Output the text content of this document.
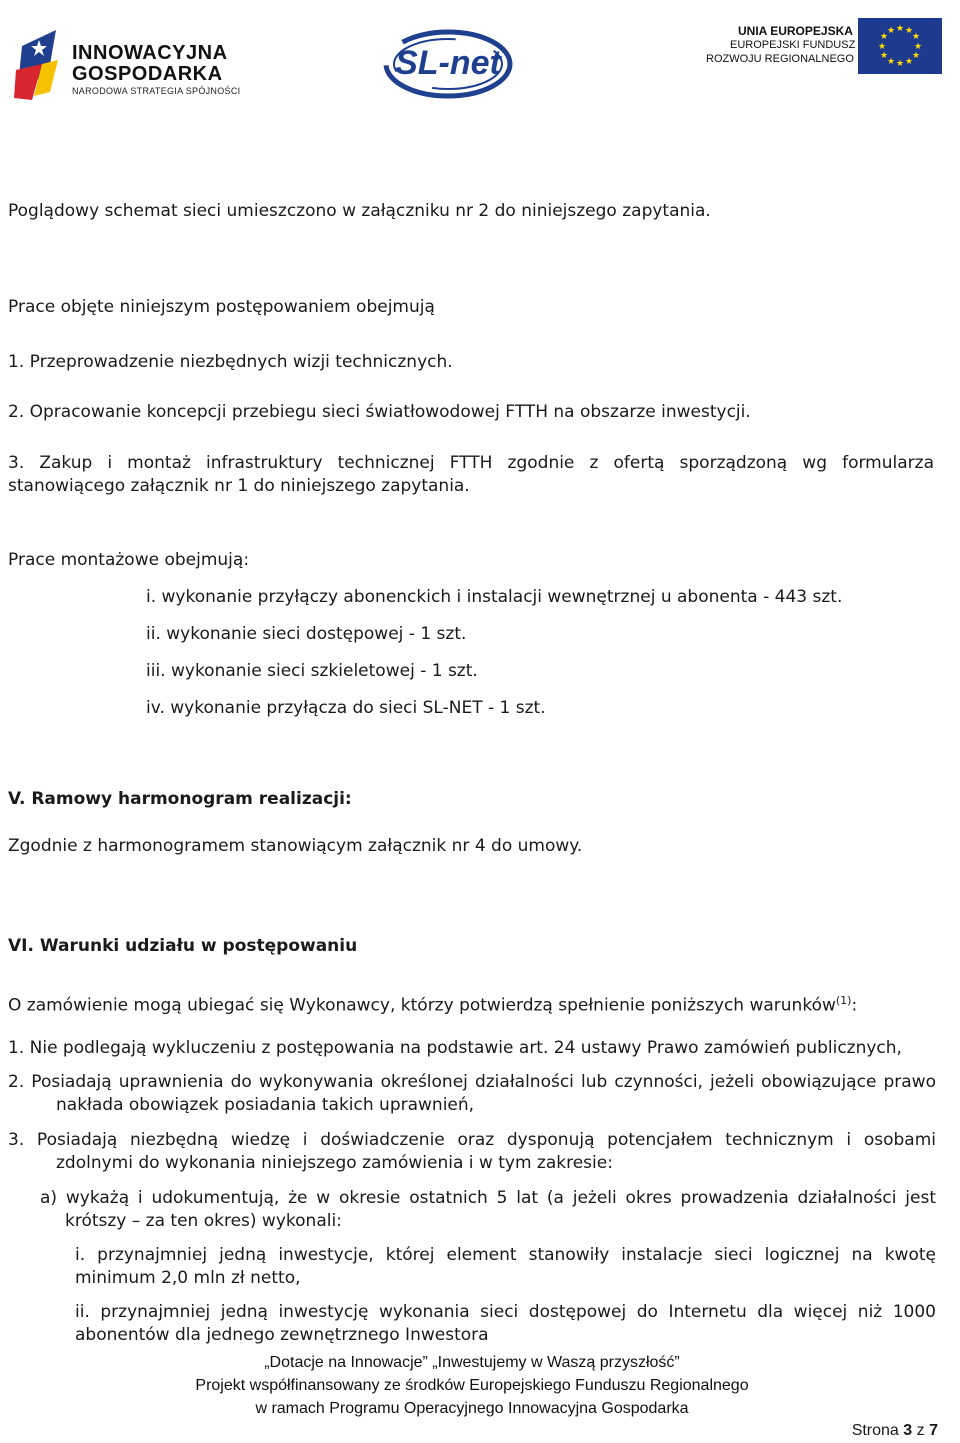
INNOWACYJNA
GOSPODARKA
NARODOWA STRATEGIA SPÓJNOŚCI
SL-net
UNIA EUROPEJSKA
EUROPEJSKI FUNDUSZ
ROZWOJU REGIONALNEGO
★ ★
★
★
★
★
★
★
★
★
★
★
Poglądowy schemat sieci umieszczono w załączniku nr 2 do niniejszego zapytania.
Prace objęte niniejszym postępowaniem obejmują
1. Przeprowadzenie niezbędnych wizji technicznych.
2. Opracowanie koncepcji przebiegu sieci światłowodowej FTTH na obszarze inwestycji.
3. Zakup i montaż infrastruktury technicznej FTTH zgodnie z ofertą sporządzoną wg formularza stanowiącego załącznik nr 1 do niniejszego zapytania.
Prace montażowe obejmują:
i. wykonanie przyłączy abonenckich i instalacji wewnętrznej u abonenta - 443 szt.
ii. wykonanie sieci dostępowej - 1 szt.
iii. wykonanie sieci szkieletowej - 1 szt.
iv. wykonanie przyłącza do sieci SL-NET - 1 szt.
V. Ramowy harmonogram realizacji:
Zgodnie z harmonogramem stanowiącym załącznik nr 4 do umowy.
VI. Warunki udziału w postępowaniu
O zamówienie mogą ubiegać się Wykonawcy, którzy potwierdzą spełnienie poniższych warunków$^{(1)}$:
1. Nie podlegają wykluczeniu z postępowania na podstawie art. 24 ustawy Prawo zamówień publicznych,
2. Posiadają uprawnienia do wykonywania określonej działalności lub czynności, jeżeli obowiązujące prawo nakłada obowiązek posiadania takich uprawnień,
3. Posiadają niezbędną wiedzę i doświadczenie oraz dysponują potencjałem technicznym i osobami zdolnymi do wykonania niniejszego zamówienia i w tym zakresie:
a) wykażą i udokumentują, że w okresie ostatnich 5 lat (a jeżeli okres prowadzenia działalności jest krótszy – za ten okres) wykonali:
i. przynajmniej jedną inwestycje, której element stanowiły instalacje sieci logicznej na kwotę minimum 2,0 mln zł netto,
ii. przynajmniej jedną inwestycję wykonania sieci dostępowej do Internetu dla więcej niż 1000 abonentów dla jednego zewnętrznego Inwestora
„Dotacje na Innowacje” „Inwestujemy w Waszą przyszłość”
Projekt współfinansowany ze środków Europejskiego Funduszu Regionalnego
w ramach Programu Operacyjnego Innowacyjna Gospodarka
Strona 3 z 7
